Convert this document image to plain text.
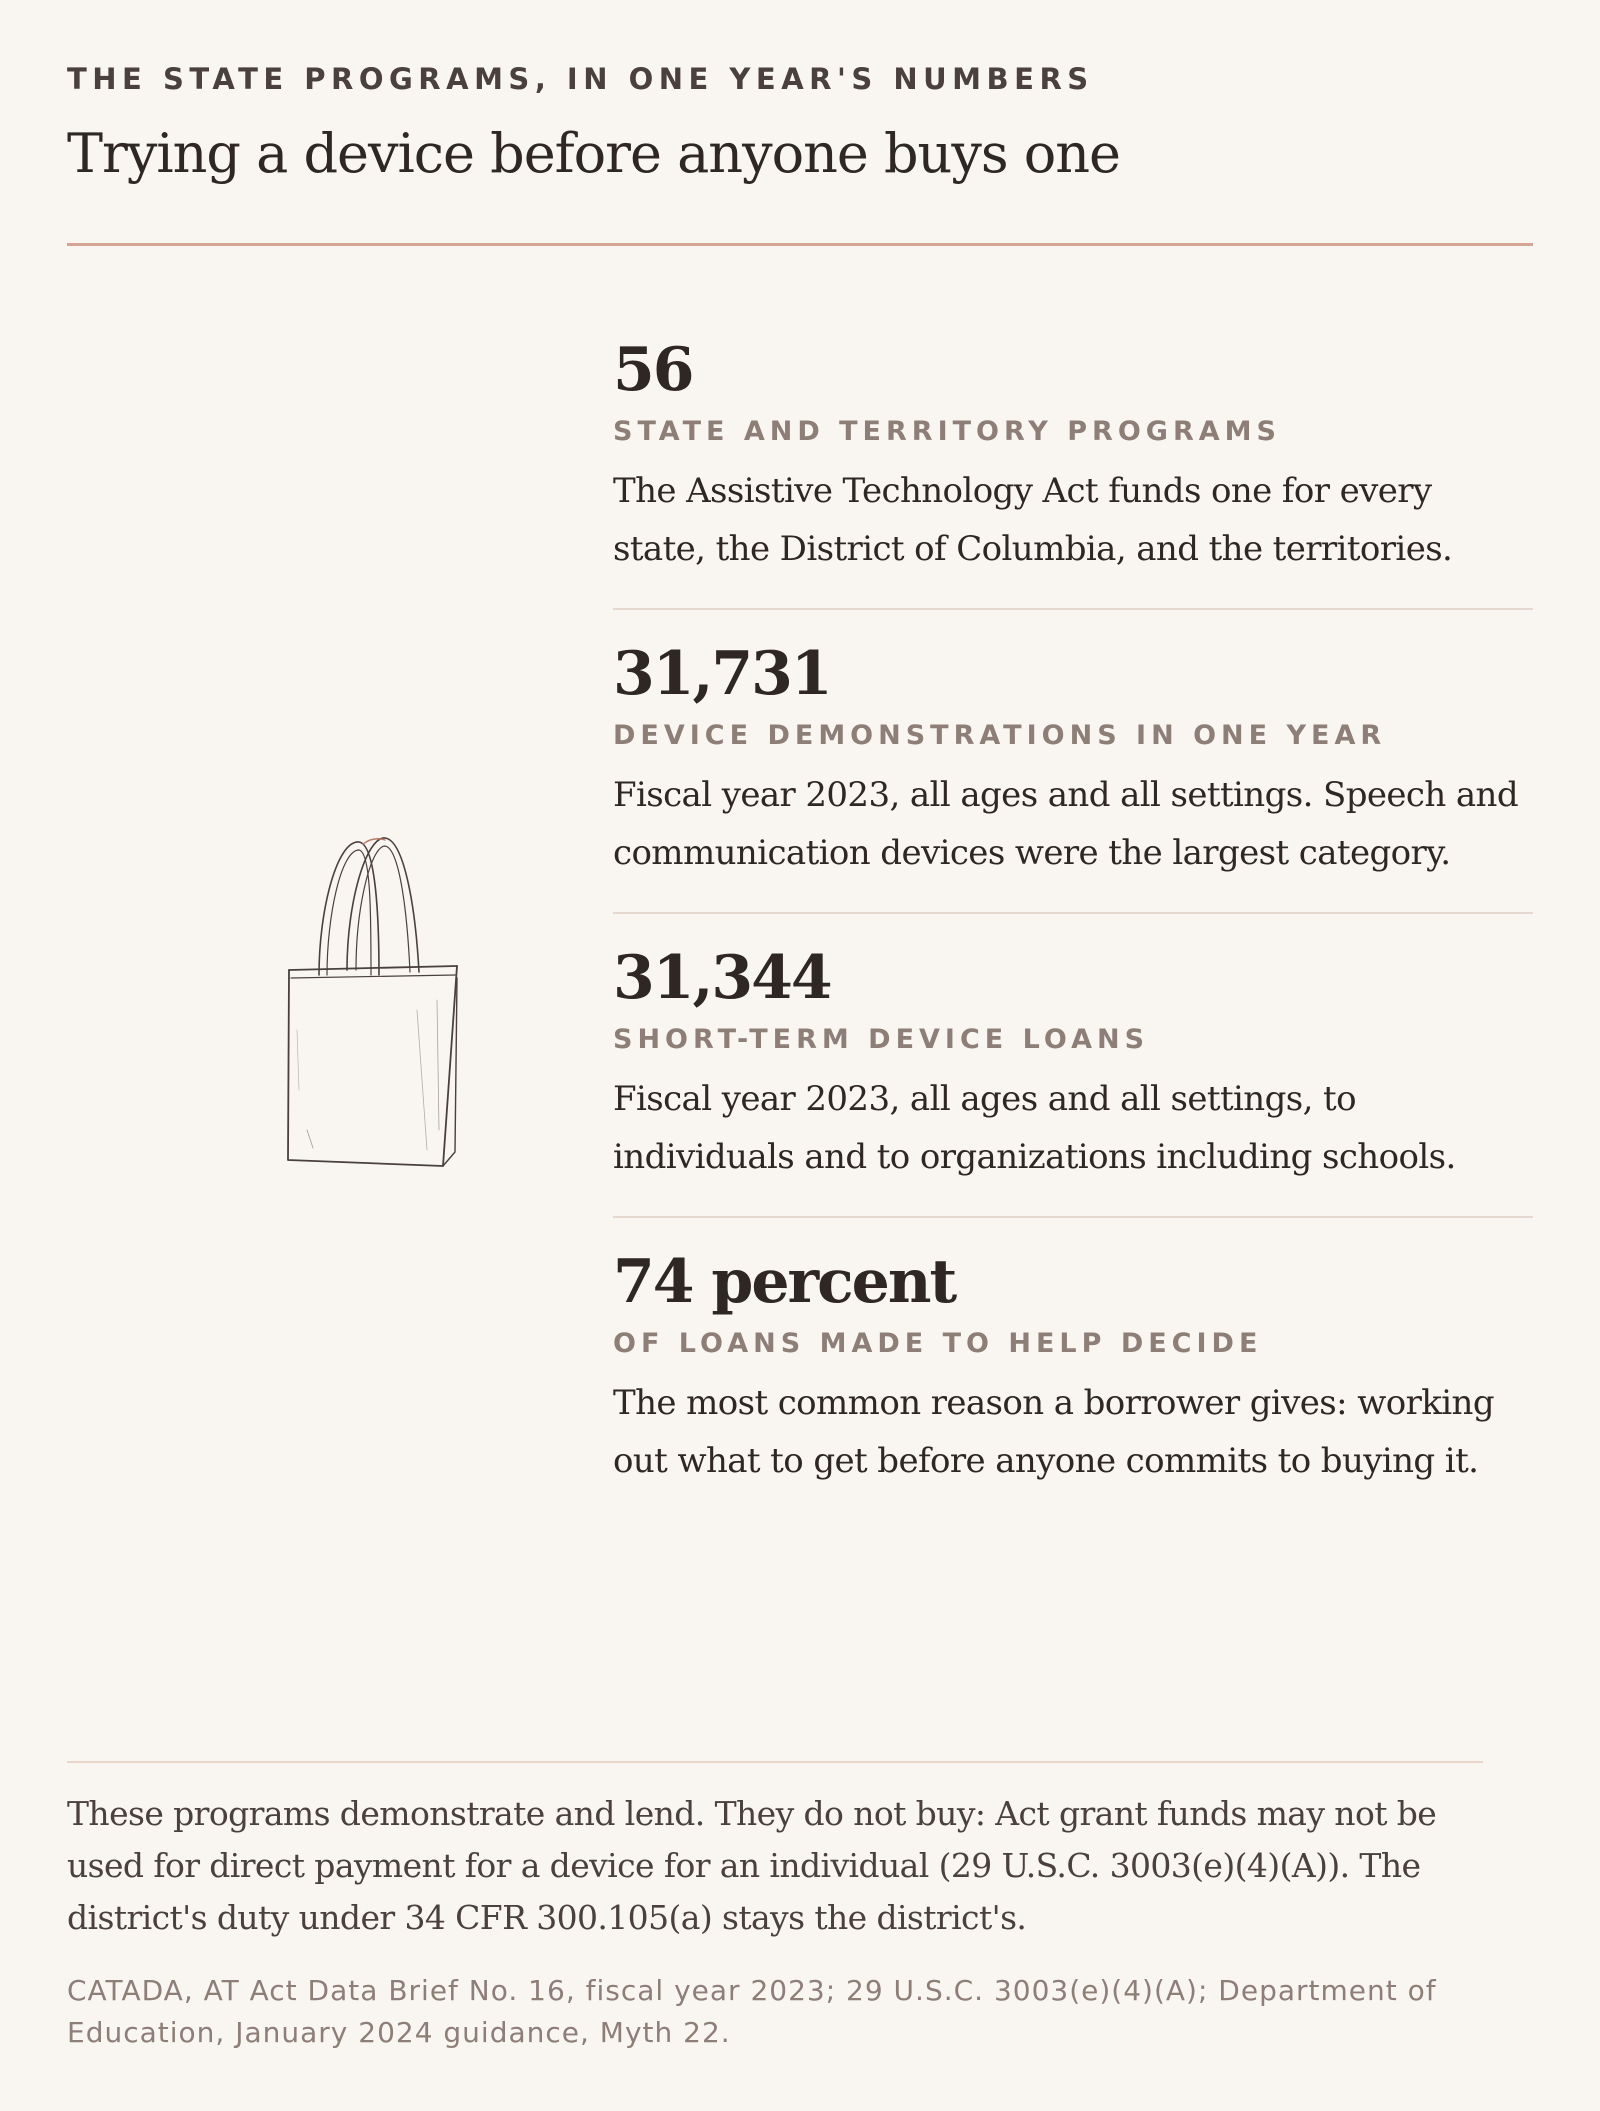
THE STATE PROGRAMS, IN ONE YEAR'S NUMBERS
Trying a device before anyone buys one
56
STATE AND TERRITORY PROGRAMS
The Assistive Technology Act funds one for every state, the District of Columbia, and the territories.
31,731
DEVICE DEMONSTRATIONS IN ONE YEAR
Fiscal year 2023, all ages and all settings. Speech and communication devices were the largest category.
31,344
SHORT-TERM DEVICE LOANS
Fiscal year 2023, all ages and all settings, to individuals and to organizations including schools.
74 percent
OF LOANS MADE TO HELP DECIDE
The most common reason a borrower gives: working out what to get before anyone commits to buying it.
These programs demonstrate and lend. They do not buy: Act grant funds may not be used for direct payment for a device for an individual (29 U.S.C. 3003(e)(4)(A)). The district's duty under 34 CFR 300.105(a) stays the district's.
CATADA, AT Act Data Brief No. 16, fiscal year 2023; 29 U.S.C. 3003(e)(4)(A); Department of Education, January 2024 guidance, Myth 22.
